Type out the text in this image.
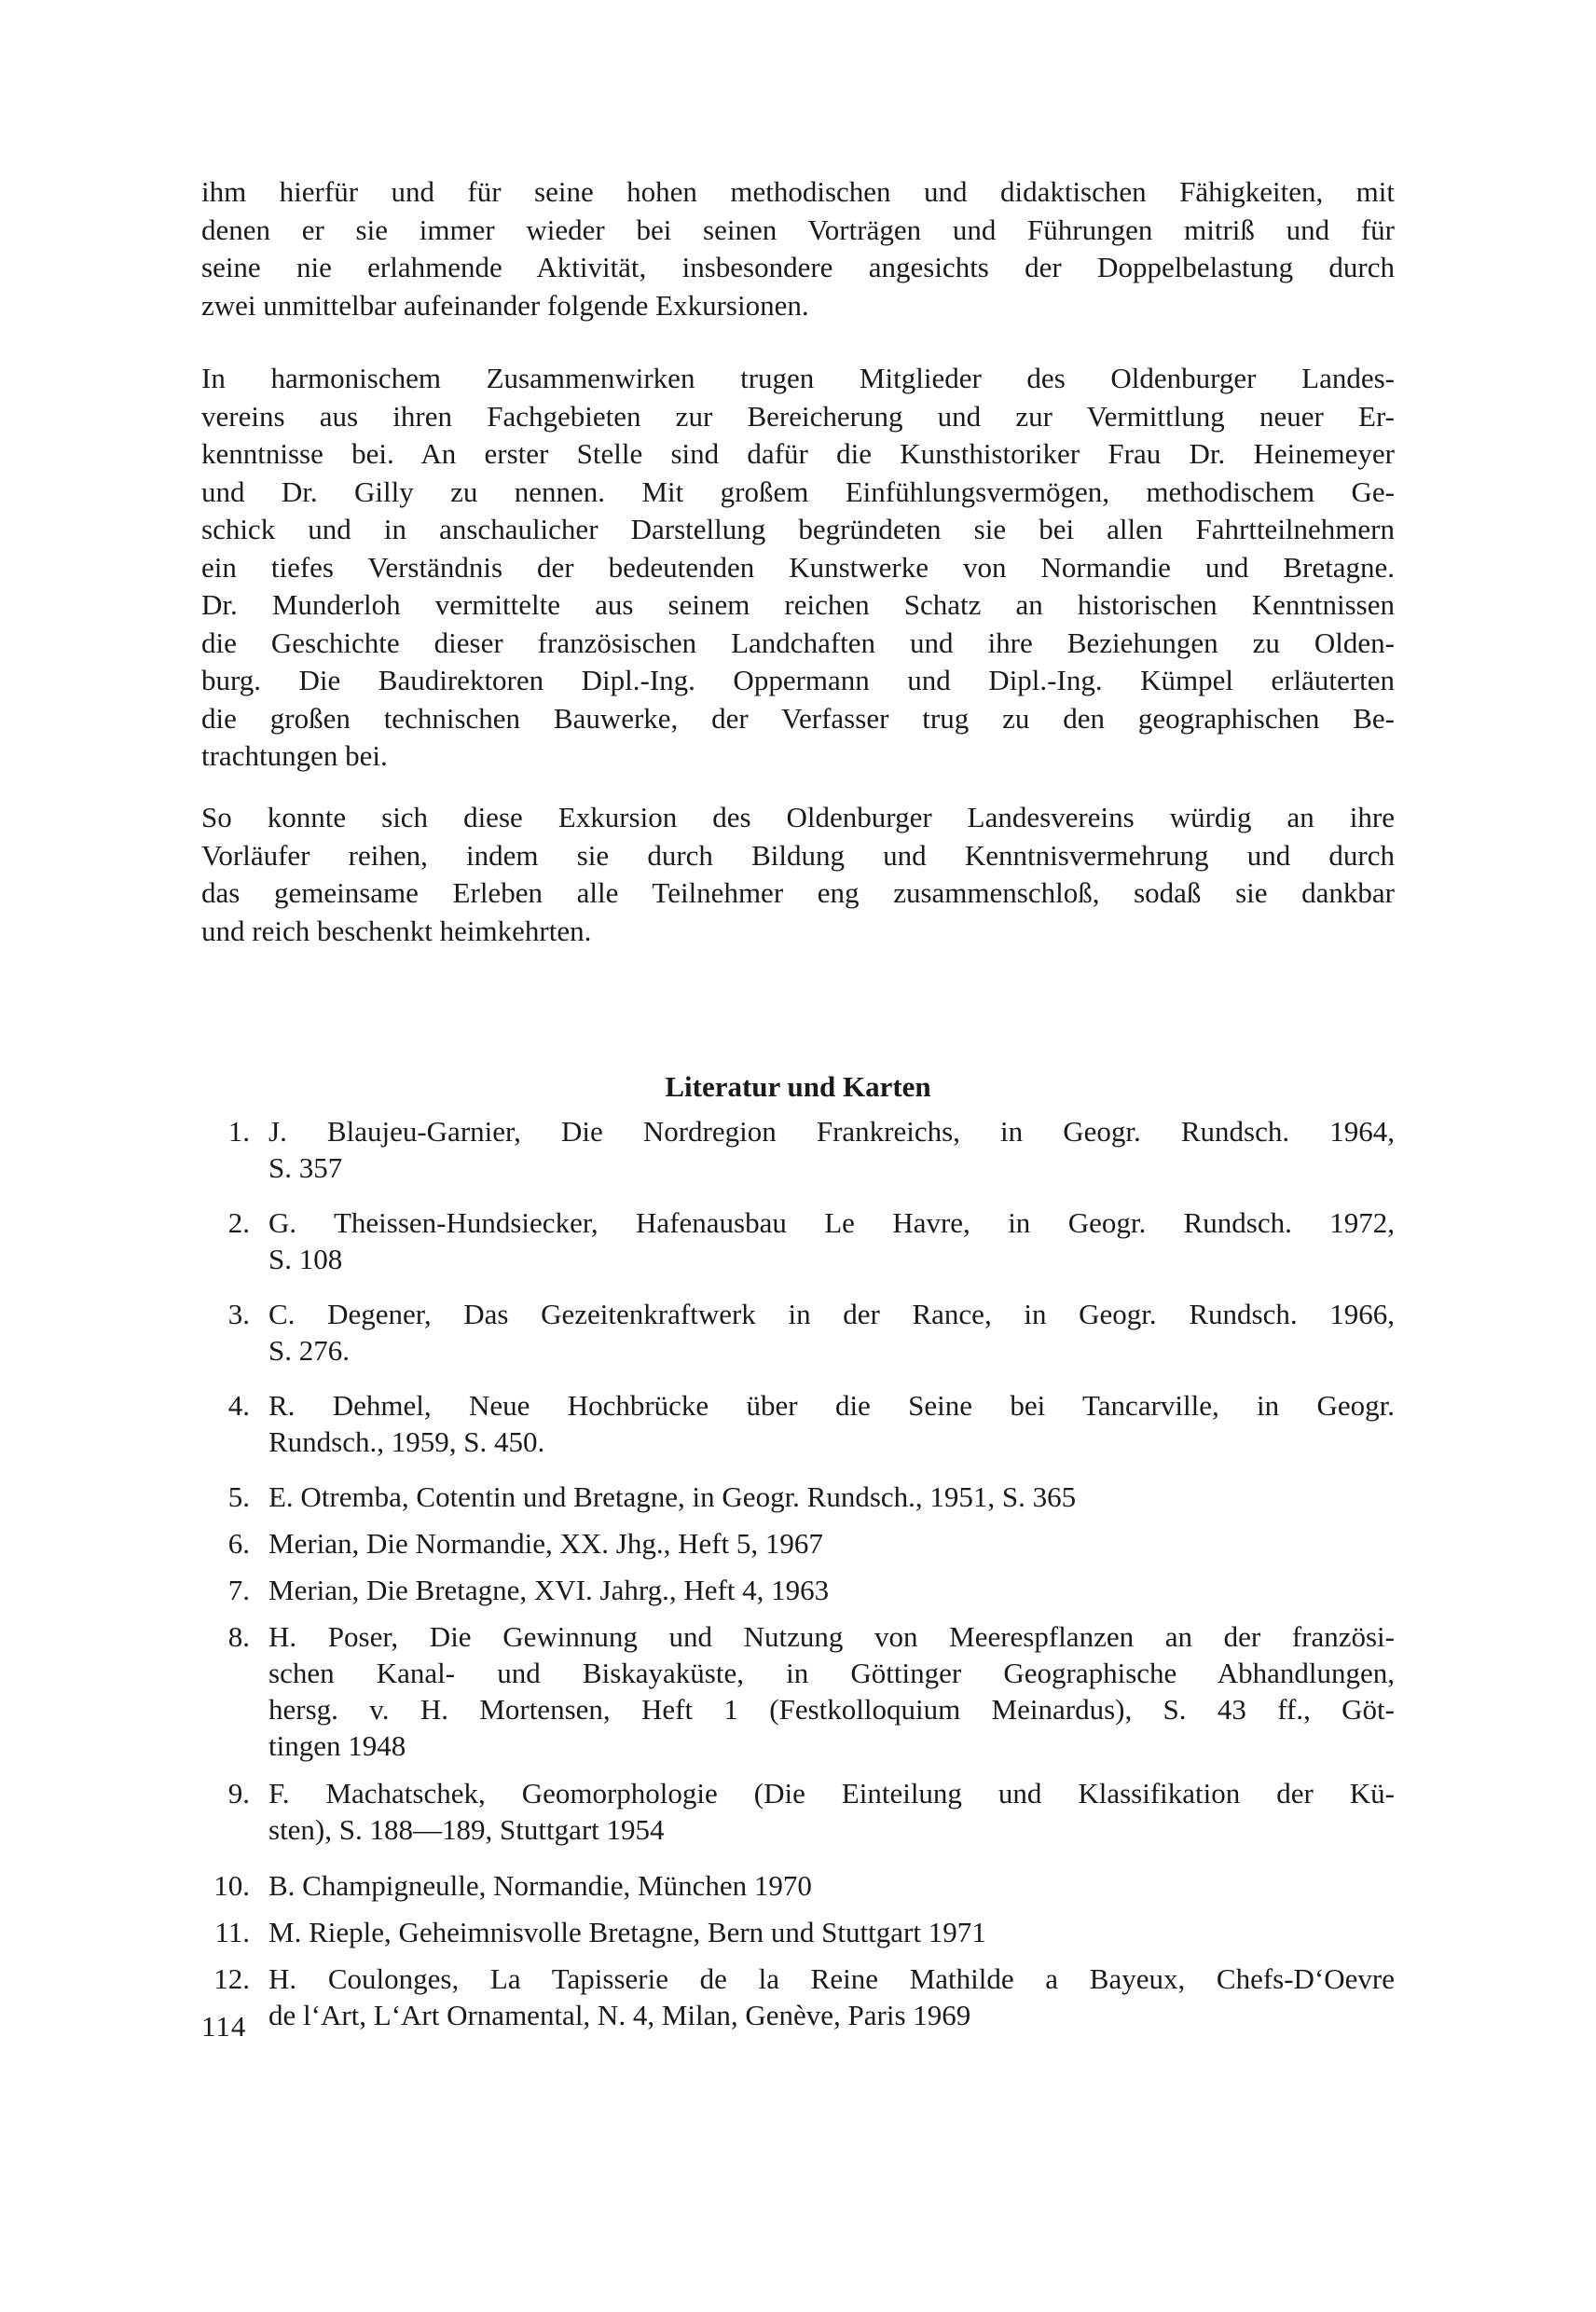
ihm hierfür und für seine hohen methodischen und didaktischen Fähigkeiten, mit
denen er sie immer wieder bei seinen Vorträgen und Führungen mitriß und für
seine nie erlahmende Aktivität, insbesondere angesichts der Doppelbelastung durch
zwei unmittelbar aufeinander folgende Exkursionen.
In harmonischem Zusammenwirken trugen Mitglieder des Oldenburger Landes-
vereins aus ihren Fachgebieten zur Bereicherung und zur Vermittlung neuer Er-
kenntnisse bei. An erster Stelle sind dafür die Kunsthistoriker Frau Dr. Heinemeyer
und Dr. Gilly zu nennen. Mit großem Einfühlungsvermögen, methodischem Ge-
schick und in anschaulicher Darstellung begründeten sie bei allen Fahrtteilnehmern
ein tiefes Verständnis der bedeutenden Kunstwerke von Normandie und Bretagne.
Dr. Munderloh vermittelte aus seinem reichen Schatz an historischen Kenntnissen
die Geschichte dieser französischen Landchaften und ihre Beziehungen zu Olden-
burg. Die Baudirektoren Dipl.-Ing. Oppermann und Dipl.-Ing. Kümpel erläuterten
die großen technischen Bauwerke, der Verfasser trug zu den geographischen Be-
trachtungen bei.
So konnte sich diese Exkursion des Oldenburger Landesvereins würdig an ihre
Vorläufer reihen, indem sie durch Bildung und Kenntnisvermehrung und durch
das gemeinsame Erleben alle Teilnehmer eng zusammenschloß, sodaß sie dankbar
und reich beschenkt heimkehrten.
Literatur und Karten
1. J. Blaujeu-Garnier, Die Nordregion Frankreichs, in Geogr. Rundsch. 1964,
S. 357
2. G. Theissen-Hundsiecker, Hafenausbau Le Havre, in Geogr. Rundsch. 1972,
S. 108
3. C. Degener, Das Gezeitenkraftwerk in der Rance, in Geogr. Rundsch. 1966,
S. 276.
4. R. Dehmel, Neue Hochbrücke über die Seine bei Tancarville, in Geogr.
Rundsch., 1959, S. 450.
5. E. Otremba, Cotentin und Bretagne, in Geogr. Rundsch., 1951, S. 365
6. Merian, Die Normandie, XX. Jhg., Heft 5, 1967
7. Merian, Die Bretagne, XVI. Jahrg., Heft 4, 1963
8. H. Poser, Die Gewinnung und Nutzung von Meerespflanzen an der französi-
schen Kanal- und Biskayaküste, in Göttinger Geographische Abhandlungen,
hersg. v. H. Mortensen, Heft 1 (Festkolloquium Meinardus), S. 43 ff., Göt-
tingen 1948
9. F. Machatschek, Geomorphologie (Die Einteilung und Klassifikation der Kü-
sten), S. 188—189, Stuttgart 1954
10. B. Champigneulle, Normandie, München 1970
11. M. Rieple, Geheimnisvolle Bretagne, Bern und Stuttgart 1971
12. H. Coulonges, La Tapisserie de la Reine Mathilde a Bayeux, Chefs-D‘Oevre
de l‘Art, L‘Art Ornamental, N. 4, Milan, Genève, Paris 1969
114
